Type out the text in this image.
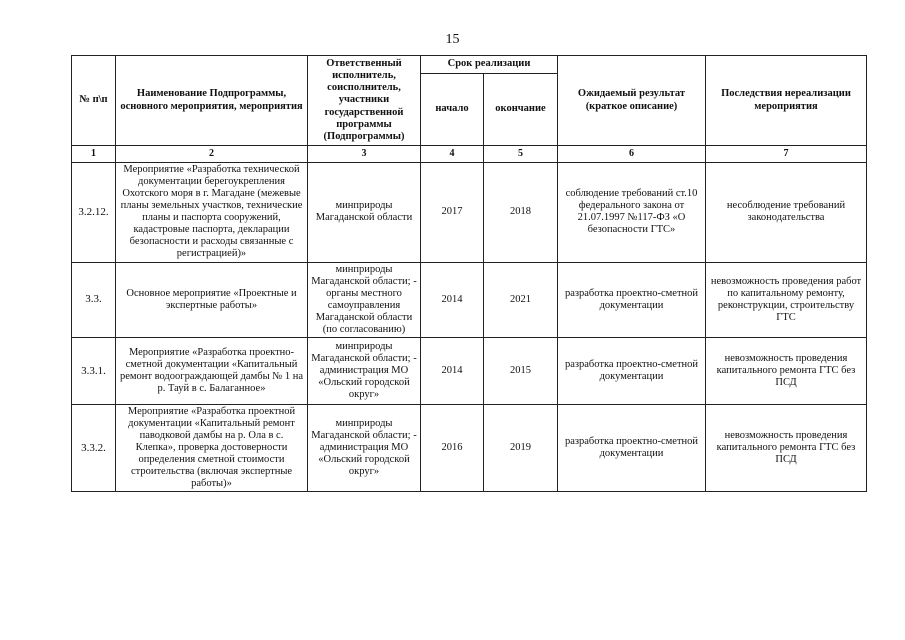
15
№ п\п	Наименование Подпрограммы, основного мероприятия, мероприятия	Ответственный исполнитель, соисполнитель, участники государственной программы (Подпрограммы)	Срок реализации		Ожидаемый результат (краткое описание)	Последствия нереализации мероприятия
			начало	окончание		
1	2	3	4	5	6	7
3.2.12.	Мероприятие «Разработка технической документации берегоукрепления Охотского моря в г. Магадане (межевые планы земельных участков, технические планы и паспорта сооружений, кадастровые паспорта, декларации безопасности и расходы связанные с регистрацией)»	минприроды Магаданской области	2017	2018	соблюдение требований ст.10 федерального закона от 21.07.1997 №117-ФЗ «О безопасности ГТС»	несоблюдение требований законодательства
3.3.	Основное мероприятие «Проектные и экспертные работы»	минприроды Магаданской области; - органы местного самоуправления Магаданской области (по согласованию)	2014	2021	разработка проектно-сметной документации	невозможность проведения работ по капитальному ремонту, реконструкции, строительству ГТС
3.3.1.	Мероприятие «Разработка проектно-сметной документации «Капитальный ремонт водоограждающей дамбы № 1 на р. Тауй в с. Балаганное»	минприроды Магаданской области; - администрация МО «Ольский городской округ»	2014	2015	разработка проектно-сметной документации	невозможность проведения капитального ремонта ГТС без ПСД
3.3.2.	Мероприятие «Разработка проектной документации «Капитальный ремонт паводковой дамбы на р. Ола в с. Клепка», проверка достоверности определения сметной стоимости строительства (включая экспертные работы)»	минприроды Магаданской области; - администрация МО «Ольский городской округ»	2016	2019	разработка проектно-сметной документации	невозможность проведения капитального ремонта ГТС без ПСД
